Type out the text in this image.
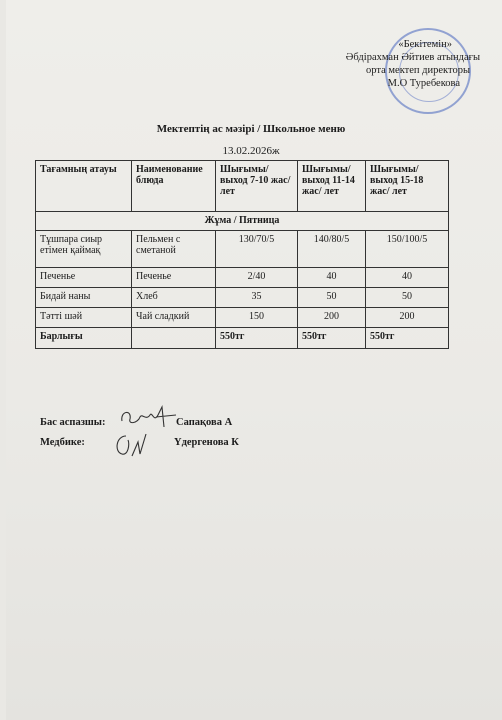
«Бекітемін»
Әбдірахман Әйтиев атындағы
орта мектеп директоры
М.О Туребекова
Мектептің ас мәзірі / Школьное меню
13.02.2026ж
Тағамның атауы	Наименование блюда	Шығымы/ выход 7-10 жас/ лет	Шығымы/ выход 11-14 жас/ лет	Шығымы/ выход 15-18 жас/ лет
Жұма / Пятница				
Тұшпара сиыр етімен қаймақ	Пельмен с сметаной	130/70/5	140/80/5	150/100/5
Печенье	Печенье	2/40	40	40
Бидай наны	Хлеб	35	50	50
Тәтті шәй	Чай сладкий	150	200	200
Барлығы		550тг	550тг	550тг
Бас аспазшы:	Сапақова А
Медбике:	Үдергенова К
